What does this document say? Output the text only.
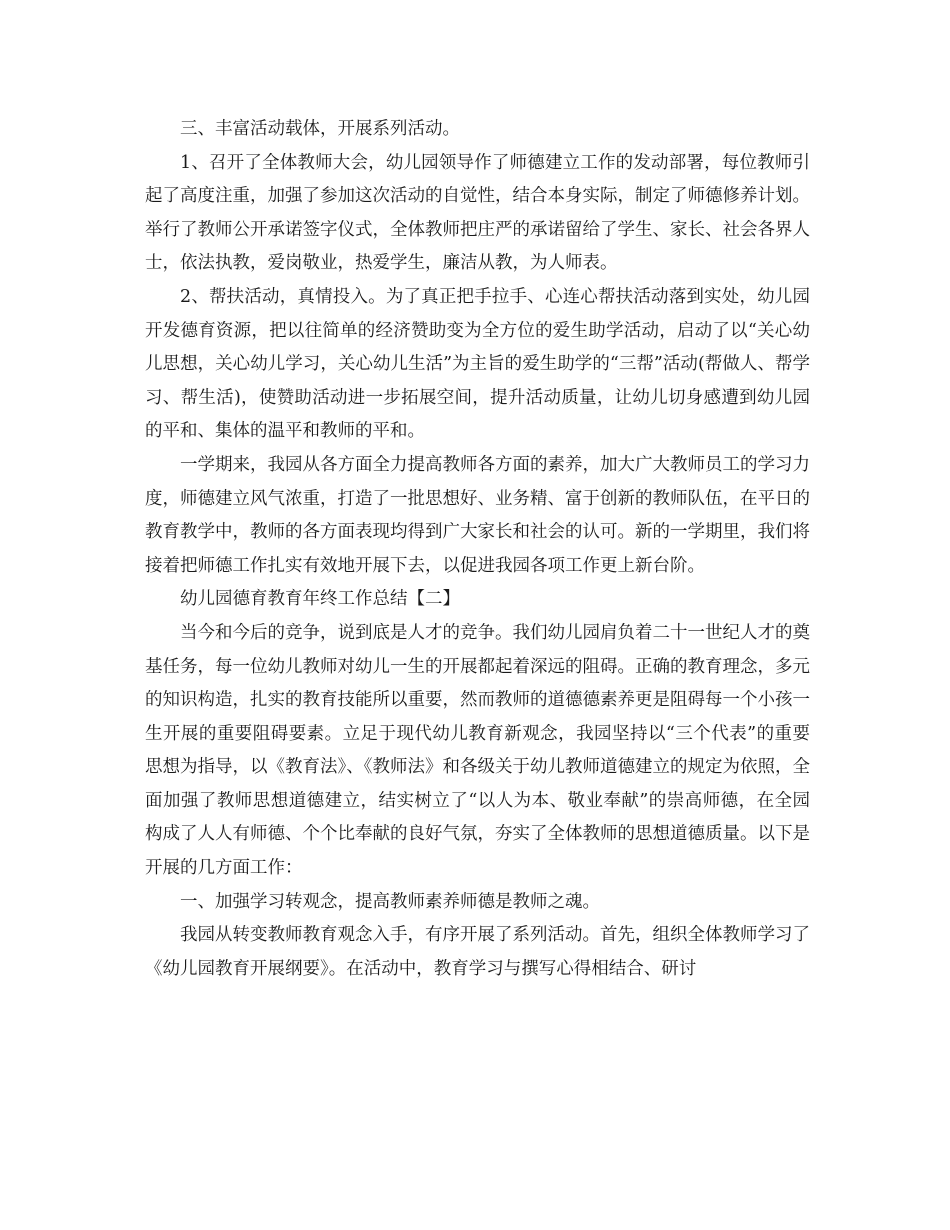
三、丰富活动载体，开展系列活动。

1、召开了全体教师大会，幼儿园领导作了师德建立工作的发动部署，每位教师引起了高度注重，加强了参加这次活动的自觉性，结合本身实际，制定了师德修养计划。举行了教师公开承诺签字仪式，全体教师把庄严的承诺留给了学生、家长、社会各界人士，依法执教，爱岗敬业，热爱学生，廉洁从教，为人师表。

2、帮扶活动，真情投入。为了真正把手拉手、心连心帮扶活动落到实处，幼儿园开发德育资源，把以往简单的经济赞助变为全方位的爱生助学活动，启动了以“关心幼儿思想，关心幼儿学习，关心幼儿生活”为主旨的爱生助学的“三帮”活动(帮做人、帮学习、帮生活)，使赞助活动进一步拓展空间，提升活动质量，让幼儿切身感遭到幼儿园的平和、集体的温平和教师的平和。

一学期来，我园从各方面全力提高教师各方面的素养，加大广大教师员工的学习力度，师德建立风气浓重，打造了一批思想好、业务精、富于创新的教师队伍，在平日的教育教学中，教师的各方面表现均得到广大家长和社会的认可。新的一学期里，我们将接着把师德工作扎实有效地开展下去，以促进我园各项工作更上新台阶。

幼儿园德育教育年终工作总结【二】

当今和今后的竞争，说到底是人才的竞争。我们幼儿园肩负着二十一世纪人才的奠基任务，每一位幼儿教师对幼儿一生的开展都起着深远的阻碍。正确的教育理念，多元的知识构造，扎实的教育技能所以重要，然而教师的道德德素养更是阻碍每一个小孩一生开展的重要阻碍要素。立足于现代幼儿教育新观念，我园坚持以“三个代表”的重要思想为指导，以《教育法》、《教师法》和各级关于幼儿教师道德建立的规定为依照，全面加强了教师思想道德建立，结实树立了“以人为本、敬业奉献”的崇高师德，在全园构成了人人有师德、个个比奉献的良好气氛，夯实了全体教师的思想道德质量。以下是开展的几方面工作：

一、加强学习转观念，提高教师素养师德是教师之魂。

我园从转变教师教育观念入手，有序开展了系列活动。首先，组织全体教师学习了《幼儿园教育开展纲要》。在活动中，教育学习与撰写心得相结合、研讨
